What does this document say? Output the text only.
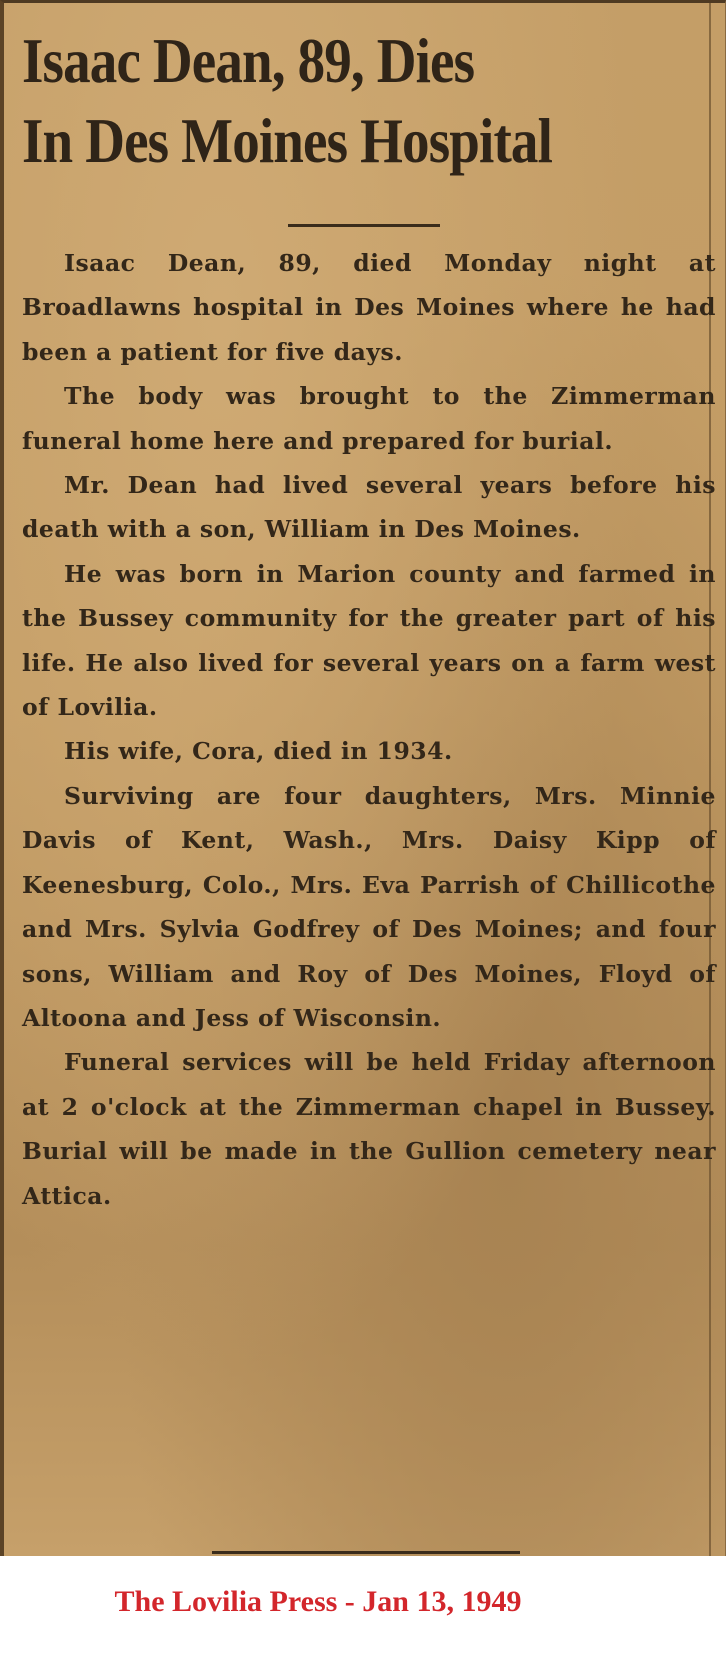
Isaac Dean, 89, Dies
In Des Moines Hospital

Isaac Dean, 89, died Monday night at Broadlawns hospital in Des Moines where he had been a patient for five days.

The body was brought to the Zimmerman funeral home here and prepared for burial.

Mr. Dean had lived several years before his death with a son, William in Des Moines.

He was born in Marion county and farmed in the Bussey community for the greater part of his life. He also lived for several years on a farm west of Lovilia.

His wife, Cora, died in 1934.

Surviving are four daughters, Mrs. Minnie Davis of Kent, Wash., Mrs. Daisy Kipp of Keenesburg, Colo., Mrs. Eva Parrish of Chillicothe and Mrs. Sylvia Godfrey of Des Moines; and four sons, William and Roy of Des Moines, Floyd of Altoona and Jess of Wisconsin.

Funeral services will be held Friday afternoon at 2 o'clock at the Zimmerman chapel in Bussey. Burial will be made in the Gullion cemetery near Attica.

The Lovilia Press - Jan 13, 1949
